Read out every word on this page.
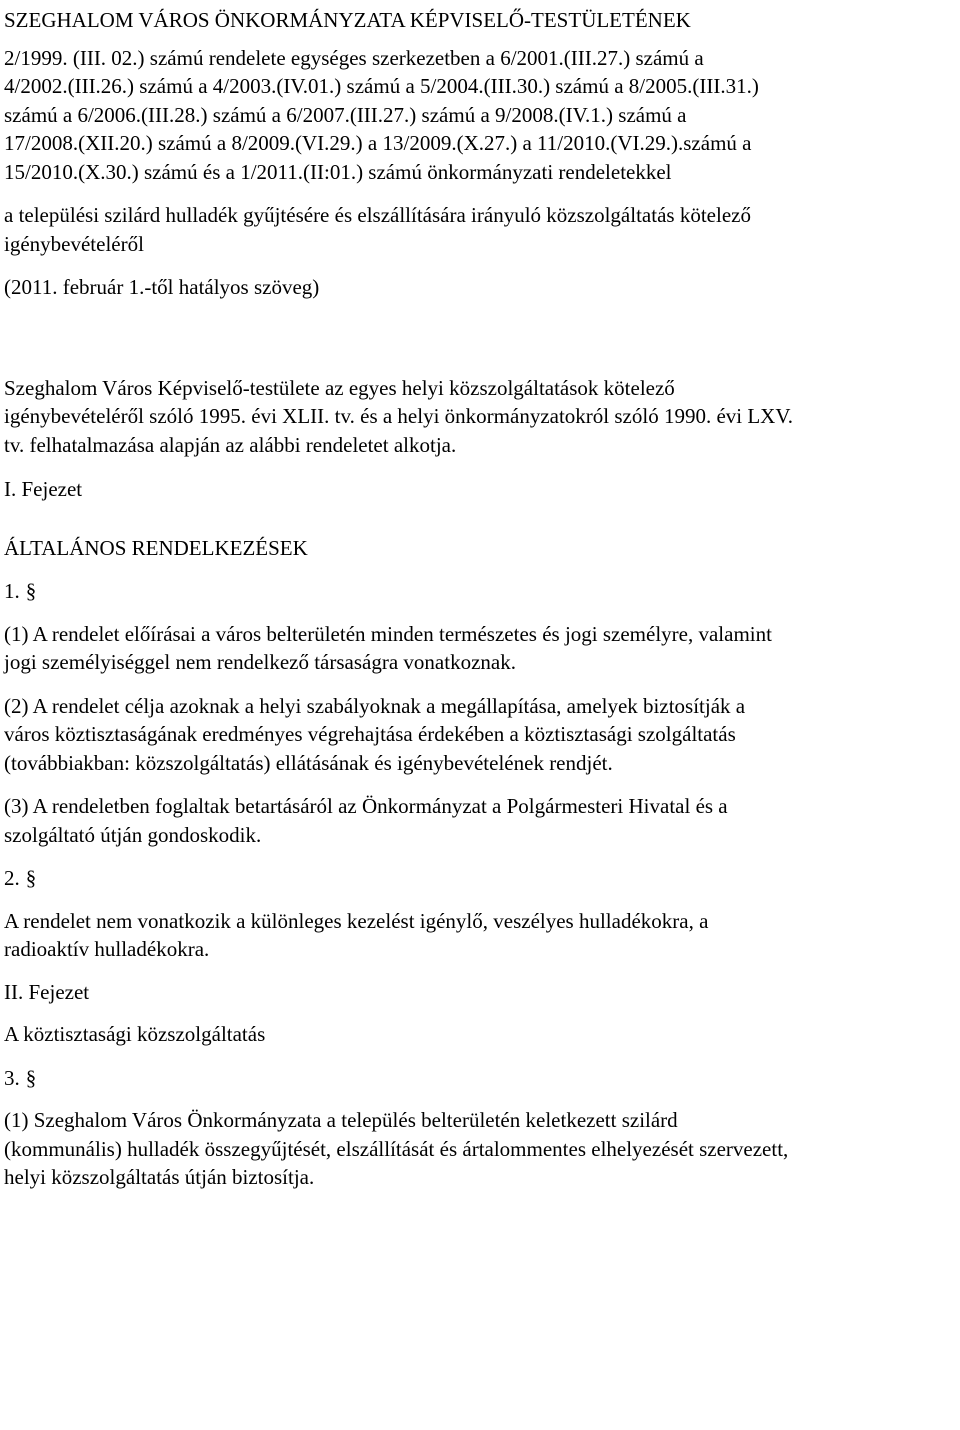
SZEGHALOM VÁROS ÖNKORMÁNYZATA KÉPVISELŐ-TESTÜLETÉNEK

2/1999. (III. 02.) számú rendelete egységes szerkezetben a 6/2001.(III.27.) számú a

4/2002.(III.26.) számú a 4/2003.(IV.01.) számú a 5/2004.(III.30.) számú a 8/2005.(III.31.)

számú a 6/2006.(III.28.) számú a 6/2007.(III.27.) számú a 9/2008.(IV.1.) számú a

17/2008.(XII.20.) számú a 8/2009.(VI.29.) a 13/2009.(X.27.) a 11/2010.(VI.29.).számú a

15/2010.(X.30.) számú és a 1/2011.(II:01.) számú önkormányzati rendeletekkel

a települési szilárd hulladék gyűjtésére és elszállítására irányuló közszolgáltatás kötelező

igénybevételéről

(2011. február 1.-től hatályos szöveg)

Szeghalom Város Képviselő-testülete az egyes helyi közszolgáltatások kötelező

igénybevételéről szóló 1995. évi XLII. tv. és a helyi önkormányzatokról szóló 1990. évi LXV.

tv. felhatalmazása alapján az alábbi rendeletet alkotja.

I. Fejezet

ÁLTALÁNOS RENDELKEZÉSEK

1. §

(1) A rendelet előírásai a város belterületén minden természetes és jogi személyre, valamint

jogi személyiséggel nem rendelkező társaságra vonatkoznak.

(2) A rendelet célja azoknak a helyi szabályoknak a megállapítása, amelyek biztosítják a

város köztisztaságának eredményes végrehajtása érdekében a köztisztasági szolgáltatás

(továbbiakban: közszolgáltatás) ellátásának és igénybevételének rendjét.

(3) A rendeletben foglaltak betartásáról az Önkormányzat a Polgármesteri Hivatal és a

szolgáltató útján gondoskodik.

2. §

A rendelet nem vonatkozik a különleges kezelést igénylő, veszélyes hulladékokra, a

radioaktív hulladékokra.

II. Fejezet

A köztisztasági közszolgáltatás

3. §

(1) Szeghalom Város Önkormányzata a település belterületén keletkezett szilárd

(kommunális) hulladék összegyűjtését, elszállítását és ártalommentes elhelyezését szervezett,

helyi közszolgáltatás útján biztosítja.
